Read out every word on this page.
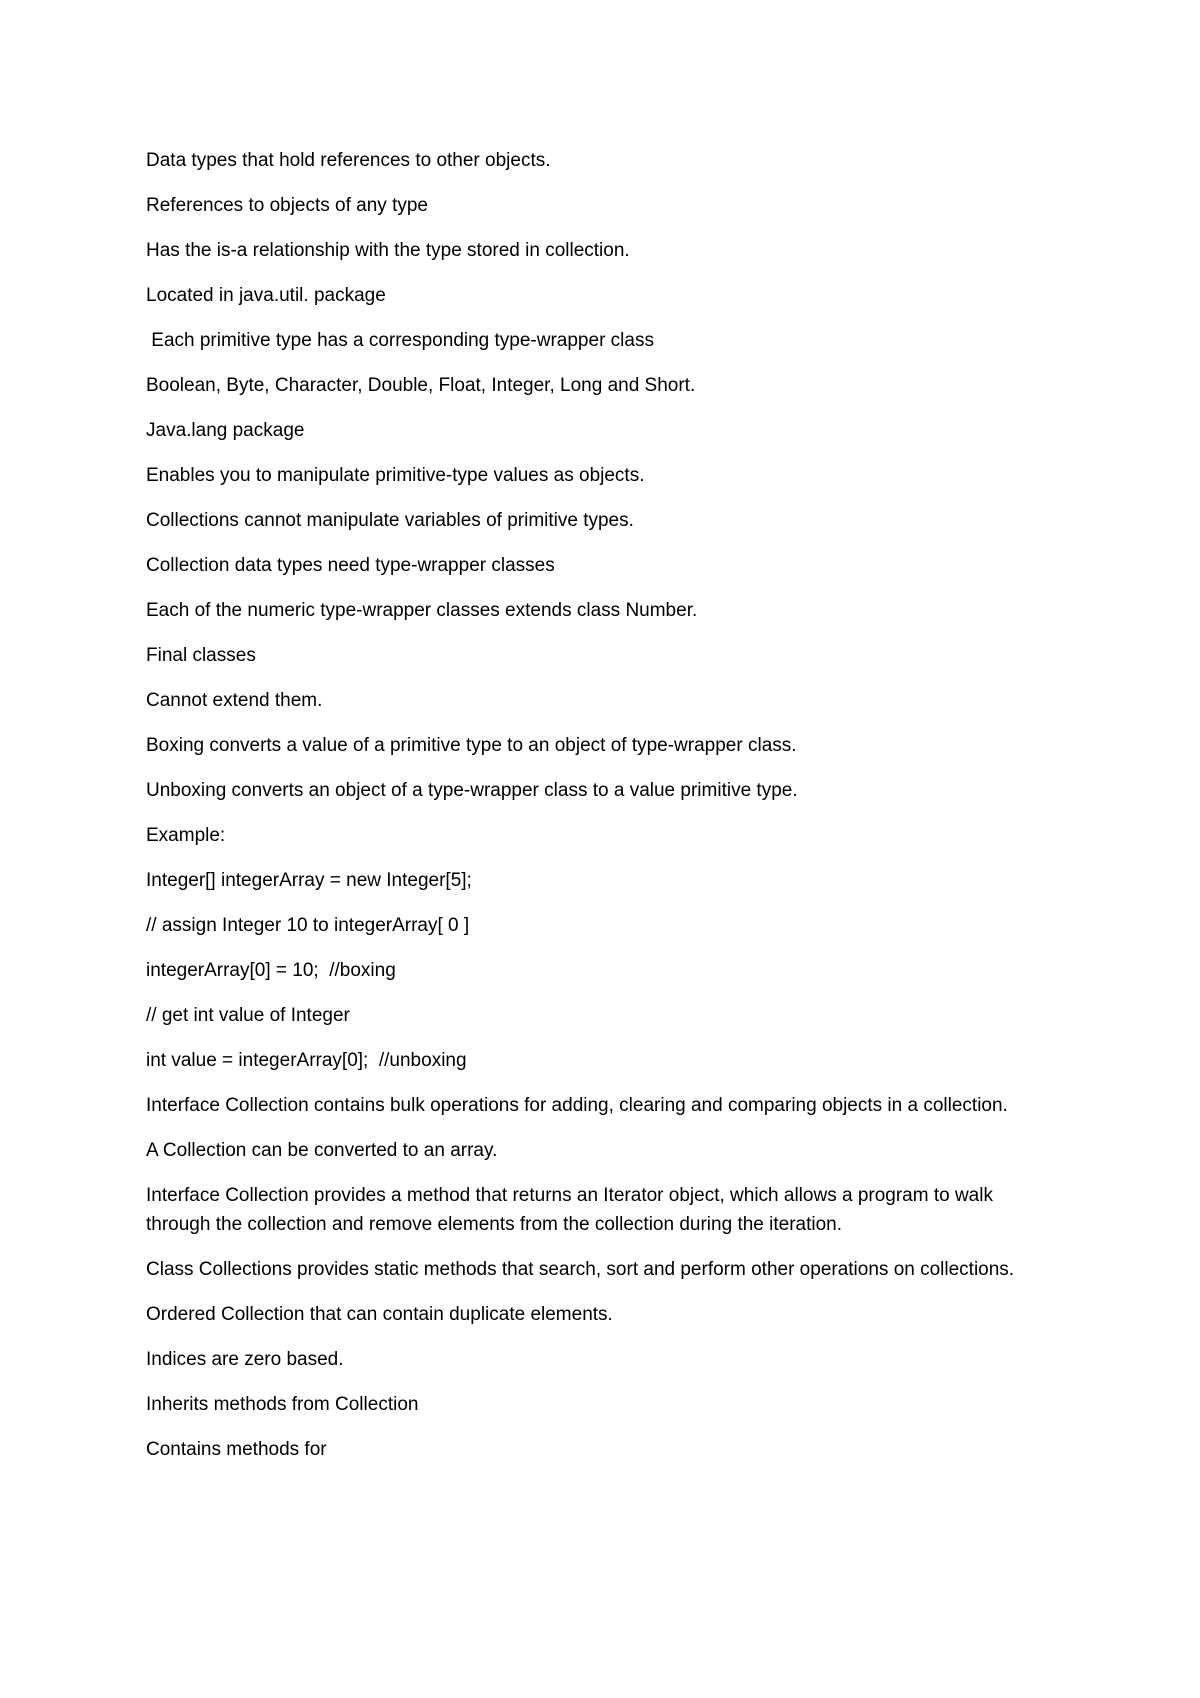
Data types that hold references to other objects.

References to objects of any type

Has the is-a relationship with the type stored in collection.

Located in java.util. package

Each primitive type has a corresponding type-wrapper class

Boolean, Byte, Character, Double, Float, Integer, Long and Short.

Java.lang package

Enables you to manipulate primitive-type values as objects.

Collections cannot manipulate variables of primitive types.

Collection data types need type-wrapper classes

Each of the numeric type-wrapper classes extends class Number.

Final classes

Cannot extend them.

Boxing converts a value of a primitive type to an object of type-wrapper class.

Unboxing converts an object of a type-wrapper class to a value primitive type.

Example:

Integer[] integerArray = new Integer[5];

// assign Integer 10 to integerArray[ 0 ]

integerArray[0] = 10;  //boxing

// get int value of Integer

int value = integerArray[0];  //unboxing

Interface Collection contains bulk operations for adding, clearing and comparing objects in a collection.

A Collection can be converted to an array.

Interface Collection provides a method that returns an Iterator object, which allows a program to walk through the collection and remove elements from the collection during the iteration.

Class Collections provides static methods that search, sort and perform other operations on collections.

Ordered Collection that can contain duplicate elements.

Indices are zero based.

Inherits methods from Collection

Contains methods for
